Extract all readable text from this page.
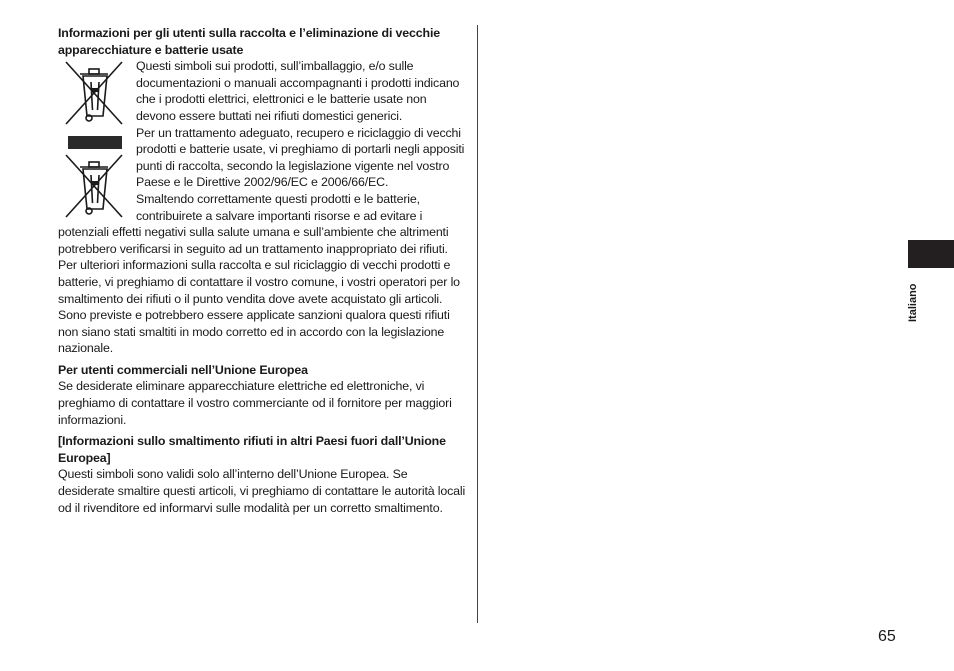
Informazioni per gli utenti sulla raccolta e l’eliminazione di vecchie apparecchiature e batterie usate

Questi simboli sui prodotti, sull’imballaggio, e/o sulle documentazioni o manuali accompagnanti i prodotti indicano che i prodotti elettrici, elettronici e le batterie usate non devono essere buttati nei rifiuti domestici generici.

Per un trattamento adeguato, recupero e riciclaggio di vecchi prodotti e batterie usate, vi preghiamo di portarli negli appositi punti di raccolta, secondo la legislazione vigente nel vostro Paese e le Direttive 2002/96/EC e 2006/66/EC.

Smaltendo correttamente questi prodotti e le batterie, contribuirete a salvare importanti risorse e ad evitare i potenziali effetti negativi sulla salute umana e sull’ambiente che altrimenti potrebbero verificarsi in seguito ad un trattamento inappropriato dei rifiuti.

Per ulteriori informazioni sulla raccolta e sul riciclaggio di vecchi prodotti e batterie, vi preghiamo di contattare il vostro comune, i vostri operatori per lo smaltimento dei rifiuti o il punto vendita dove avete acquistato gli articoli.

Sono previste e potrebbero essere applicate sanzioni qualora questi rifiuti non siano stati smaltiti in modo corretto ed in accordo con la legislazione nazionale.

Per utenti commerciali nell’Unione Europea

Se desiderate eliminare apparecchiature elettriche ed elettroniche, vi preghiamo di contattare il vostro commerciante od il fornitore per maggiori informazioni.

[Informazioni sullo smaltimento rifiuti in altri Paesi fuori dall’Unione Europea]

Questi simboli sono validi solo all’interno dell’Unione Europea. Se desiderate smaltire questi articoli, vi preghiamo di contattare le autorità locali od il rivenditore ed informarvi sulle modalità per un corretto smaltimento.

Italiano
65
